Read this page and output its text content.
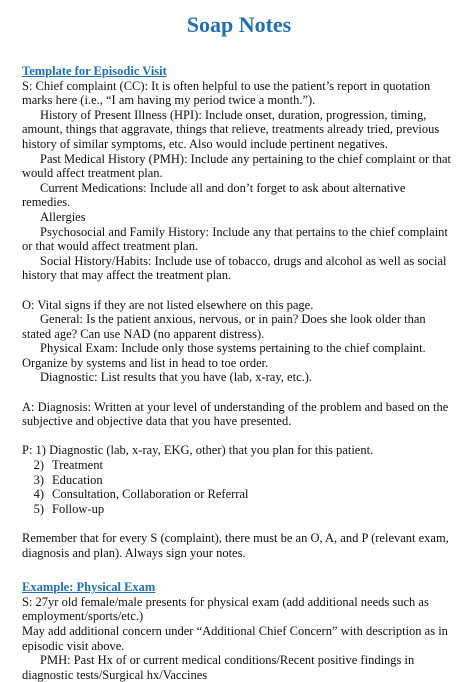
Soap Notes
Template for Episodic Visit

S: Chief complaint (CC): It is often helpful to use the patient’s report in quotation marks here (i.e., “I am having my period twice a month.”).

History of Present Illness (HPI): Include onset, duration, progression, timing, amount, things that aggravate, things that relieve, treatments already tried, previous history of similar symptoms, etc. Also would include pertinent negatives.

Past Medical History (PMH): Include any pertaining to the chief complaint or that would affect treatment plan.

Current Medications: Include all and don’t forget to ask about alternative remedies.

Allergies

Psychosocial and Family History: Include any that pertains to the chief complaint or that would affect treatment plan.

Social History/Habits: Include use of tobacco, drugs and alcohol as well as social history that may affect the treatment plan.

O: Vital signs if they are not listed elsewhere on this page.

General: Is the patient anxious, nervous, or in pain? Does she look older than stated age? Can use NAD (no apparent distress).

Physical Exam: Include only those systems pertaining to the chief complaint. Organize by systems and list in head to toe order.

Diagnostic: List results that you have (lab, x-ray, etc.).

A: Diagnosis: Written at your level of understanding of the problem and based on the subjective and objective data that you have presented.

P: 1) Diagnostic (lab, x-ray, EKG, other) that you plan for this patient.

2) Treatment
3) Education
4) Consultation, Collaboration or Referral
5) Follow-up

Remember that for every S (complaint), there must be an O, A, and P (relevant exam, diagnosis and plan). Always sign your notes.

Example: Physical Exam

S: 27yr old female/male presents for physical exam (add additional needs such as employment/sports/etc.)

May add additional concern under “Additional Chief Concern” with description as in episodic visit above.

PMH: Past Hx of or current medical conditions/Recent positive findings in diagnostic tests/Surgical hx/Vaccines
